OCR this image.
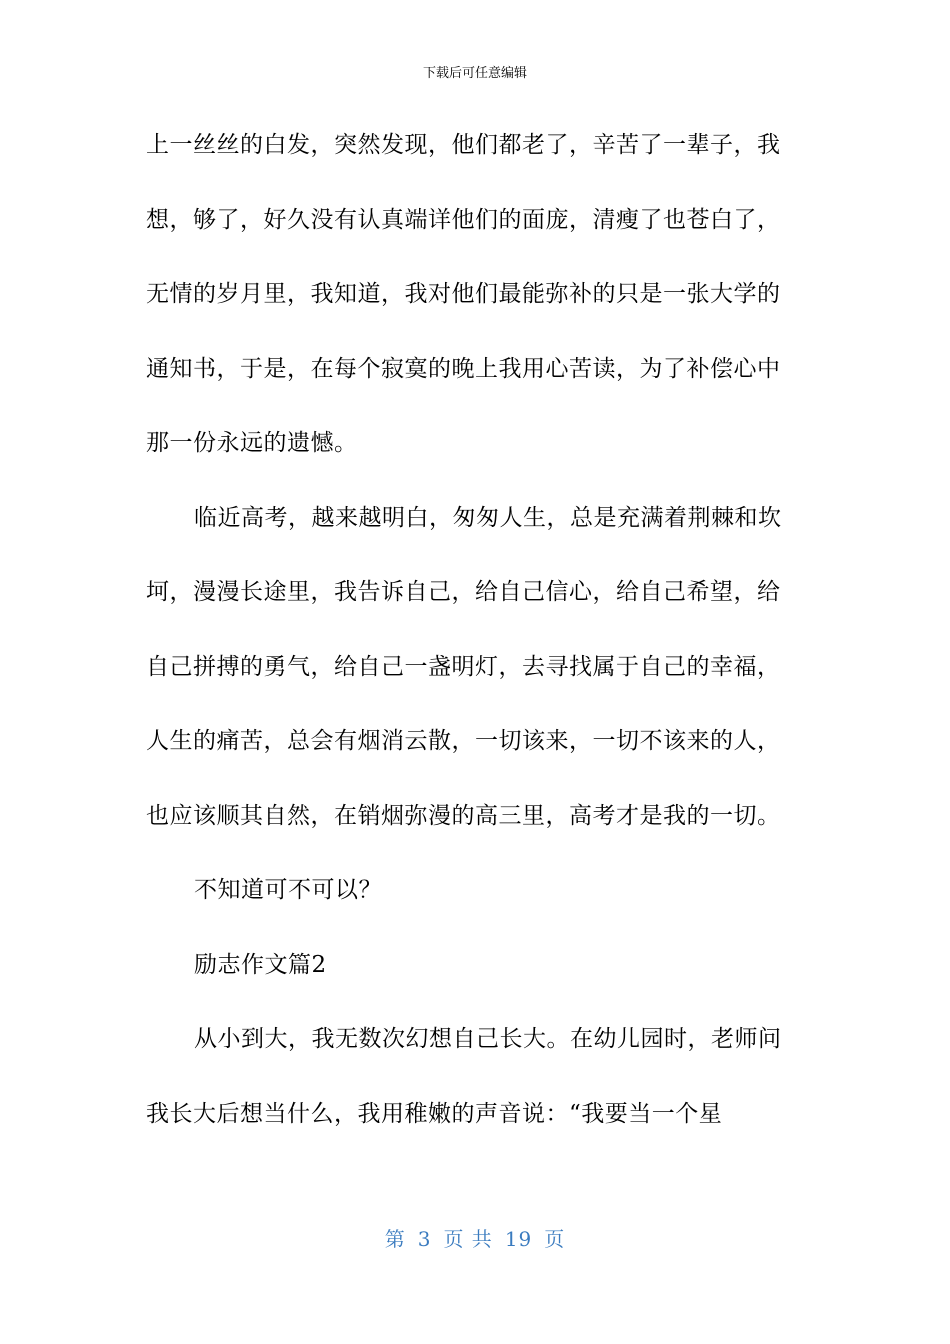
下载后可任意编辑
上一丝丝的白发，突然发现，他们都老了，辛苦了一辈子，我
想，够了，好久没有认真端详他们的面庞，清瘦了也苍白了，
无情的岁月里，我知道，我对他们最能弥补的只是一张大学的
通知书，于是，在每个寂寞的晚上我用心苦读，为了补偿心中
那一份永远的遗憾。
临近高考，越来越明白，匆匆人生，总是充满着荆棘和坎
坷，漫漫长途里，我告诉自己，给自己信心，给自己希望，给
自己拼搏的勇气，给自己一盏明灯，去寻找属于自己的幸福，
人生的痛苦，总会有烟消云散，一切该来，一切不该来的人，
也应该顺其自然，在销烟弥漫的高三里，高考才是我的一切。
不知道可不可以？
励志作文篇2
从小到大，我无数次幻想自己长大。在幼儿园时，老师问
我长大后想当什么，我用稚嫩的声音说：“我要当一个星
第 3 页 共 19 页
